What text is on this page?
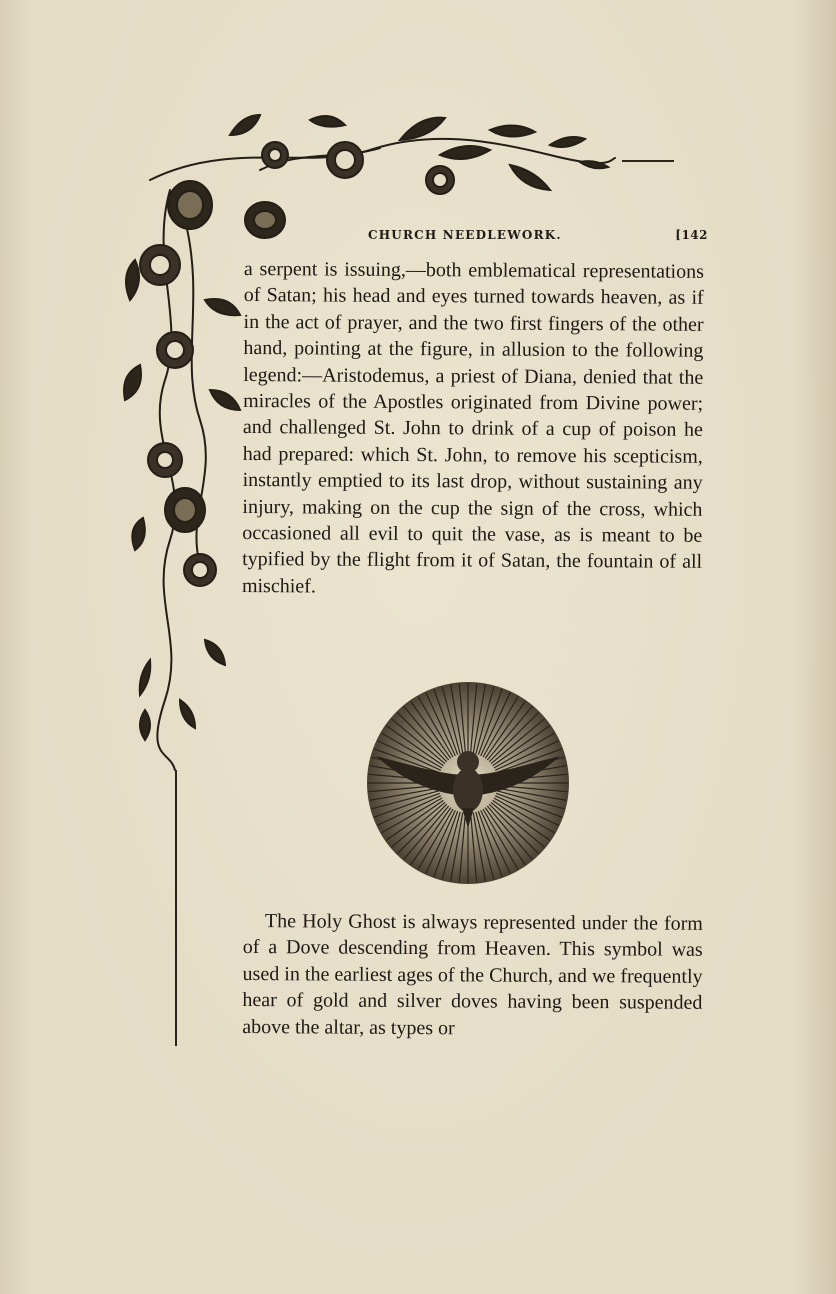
CHURCH NEEDLEWORK.	[142
a serpent is issuing,—both emblematical representations of Satan; his head and eyes turned towards heaven, as if in the act of prayer, and the two first fingers of the other hand, pointing at the figure, in allusion to the following legend:—Aristodemus, a priest of Diana, denied that the miracles of the Apostles originated from Divine power; and challenged St. John to drink of a cup of poison he had prepared: which St. John, to remove his scepticism, instantly emptied to its last drop, without sustaining any injury, making on the cup the sign of the cross, which occasioned all evil to quit the vase, as is meant to be typified by the flight from it of Satan, the fountain of all mischief.
The Holy Ghost is always represented under the form of a Dove descending from Heaven. This symbol was used in the earliest ages of the Church, and we frequently hear of gold and silver doves having been suspended above the altar, as types or
